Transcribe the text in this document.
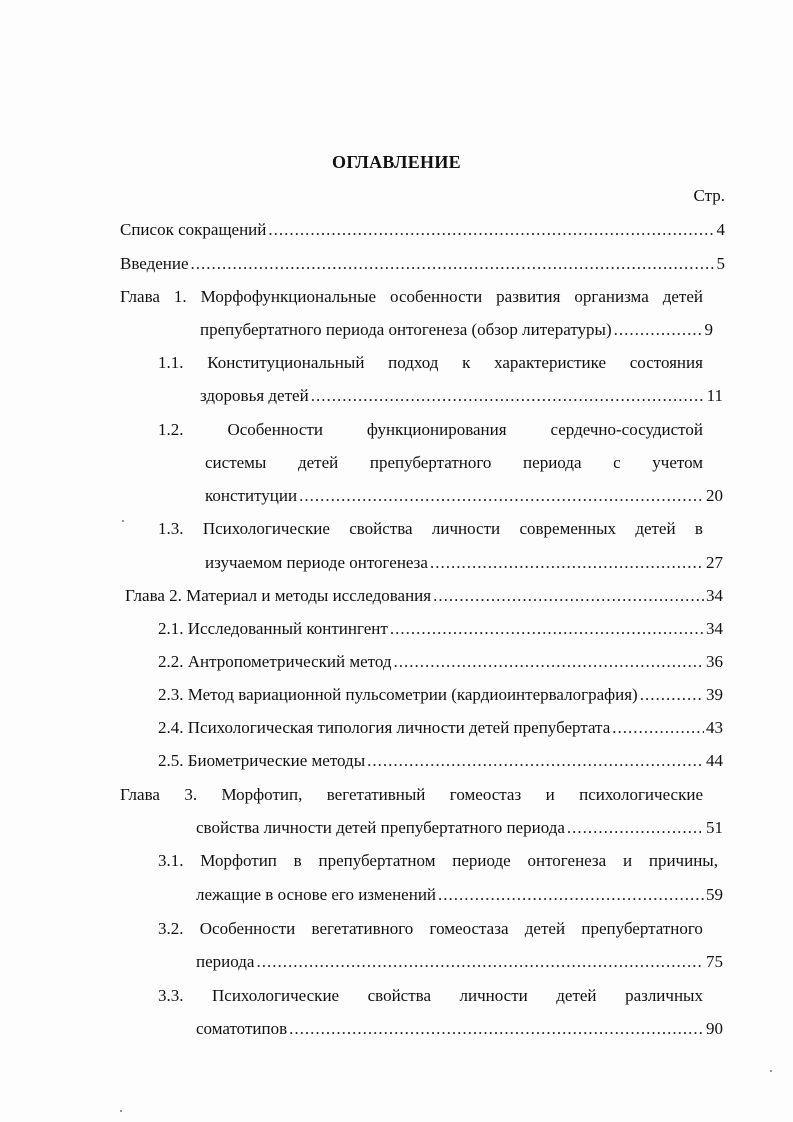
ОГЛАВЛЕНИЕ
Стр.
Список сокращений .....	4
Введение .....	5
Глава 1. Морфофункциональные особенности развития организма детей
препубертатного периода онтогенеза (обзор литературы) .....	9
1.1. Конституциональный подход к характеристике состояния
здоровья детей .....	11
1.2.	Особенности	функционирования	сердечно-сосудистой
системы детей препубертатного периода с учетом
конституции .....	20
1.3. Психологические свойства личности современных детей в
изучаемом периоде онтогенеза .....	27
Глава 2. Материал и методы исследования .....	34
2.1. Исследованный контингент .....	34
2.2. Антропометрический метод .....	36
2.3. Метод вариационной пульсометрии (кардиоинтервалография) .....	39
2.4. Психологическая типология личности детей препубертата .....	43
2.5. Биометрические методы .....	44
Глава 3. Морфотип, вегетативный гомеостаз и психологические
свойства личности детей препубертатного периода .....	51
3.1. Морфотип в препубертатном периоде онтогенеза и причины,
лежащие в основе его изменений .....	59
3.2. Особенности вегетативного гомеостаза детей препубертатного
периода .....	75
3.3. Психологические свойства личности детей различных
соматотипов .....	90
